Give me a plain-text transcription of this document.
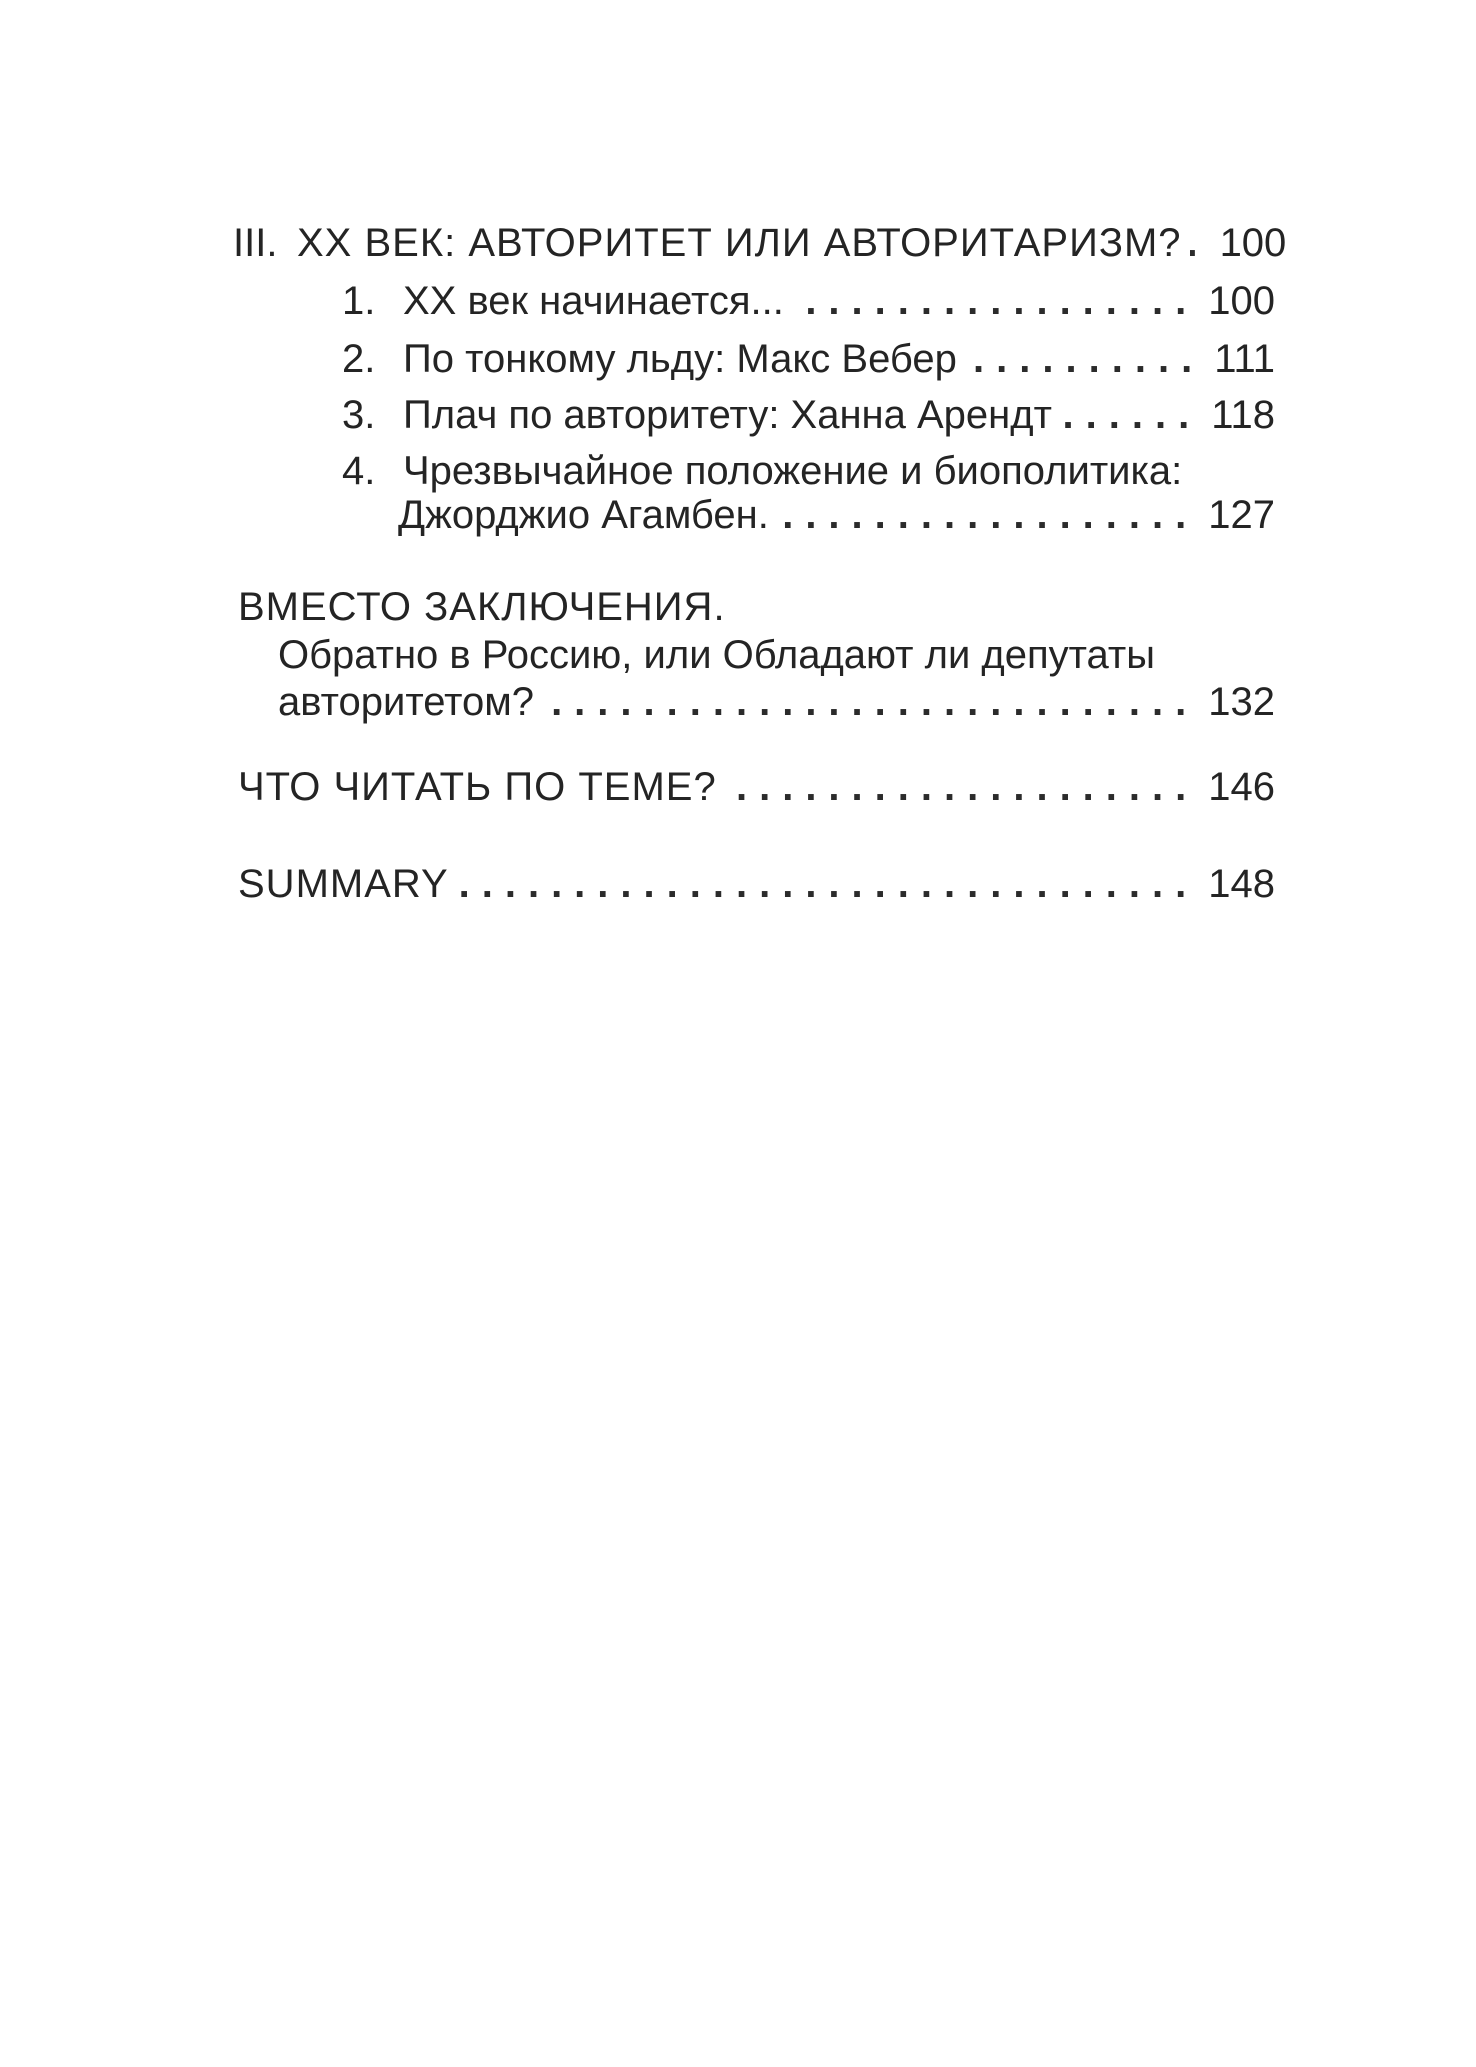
III. XX ВЕК: АВТОРИТЕТ ИЛИ АВТОРИТАРИЗМ? ..... 100
1. XX век начинается... .....	100
2. По тонкому льду: Макс Вебер .....	111
3. Плач по авторитету: Ханна Арендт .....	118
4. Чрезвычайное положение и биополитика:
Джорджио Агамбен. .....	127
ВМЕСТО ЗАКЛЮЧЕНИЯ.
Обратно в Россию, или Обладают ли депутаты
авторитетом? .....	132
ЧТО ЧИТАТЬ ПО ТЕМЕ? .....	146
SUMMARY .....	148
